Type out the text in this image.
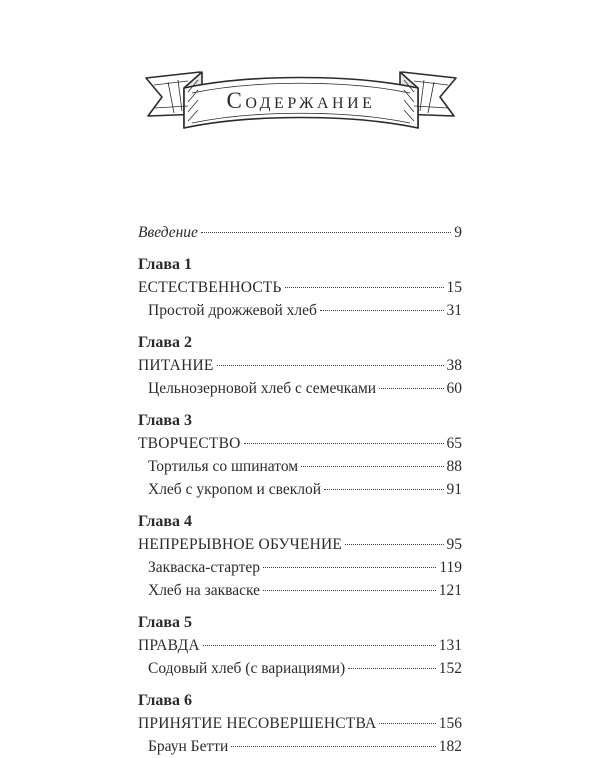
Содержание
Введение	9
Глава 1
ЕСТЕСТВЕННОСТЬ	15
Простой дрожжевой хлеб	31
Глава 2
ПИТАНИЕ	38
Цельнозерновой хлеб с семечками	60
Глава 3
ТВОРЧЕСТВО	65
Тортилья со шпинатом	88
Хлеб с укропом и свеклой	91
Глава 4
НЕПРЕРЫВНОЕ ОБУЧЕНИЕ	95
Закваска-стартер	119
Хлеб на закваске	121
Глава 5
ПРАВДА	131
Содовый хлеб (с вариациями)	152
Глава 6
ПРИНЯТИЕ НЕСОВЕРШЕНСТВА	156
Браун Бетти	182
